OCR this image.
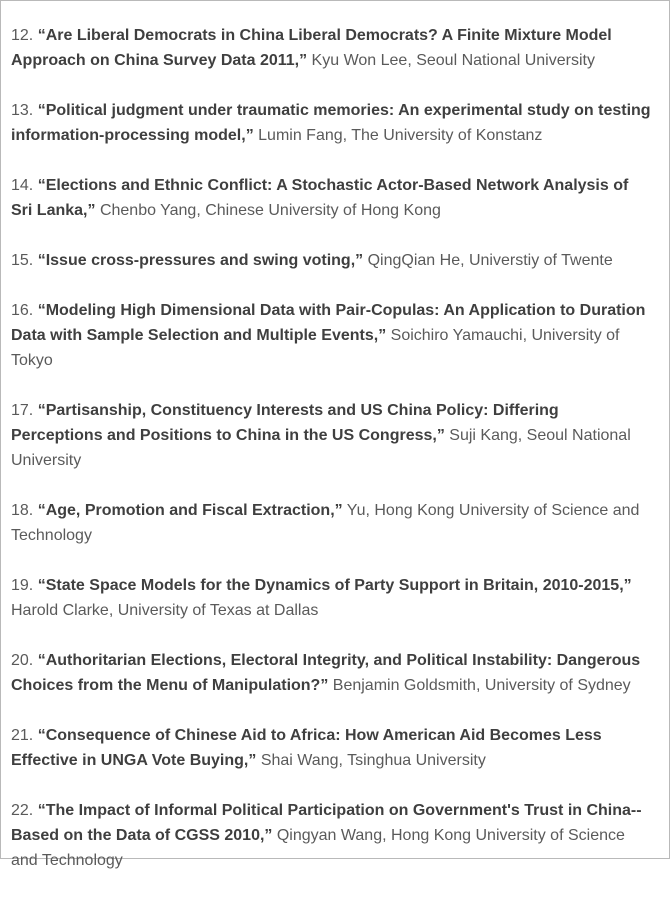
12. “Are Liberal Democrats in China Liberal Democrats? A Finite Mixture Model Approach on China Survey Data 2011,” Kyu Won Lee, Seoul National University

13. “Political judgment under traumatic memories: An experimental study on testing information-processing model,” Lumin Fang, The University of Konstanz

14. “Elections and Ethnic Conflict: A Stochastic Actor-Based Network Analysis of Sri Lanka,” Chenbo Yang, Chinese University of Hong Kong

15. “Issue cross-pressures and swing voting,” QingQian He, Universtiy of Twente

16. “Modeling High Dimensional Data with Pair-Copulas: An Application to Duration Data with Sample Selection and Multiple Events,” Soichiro Yamauchi, University of Tokyo

17. “Partisanship, Constituency Interests and US China Policy: Differing Perceptions and Positions to China in the US Congress,” Suji Kang, Seoul National University

18. “Age, Promotion and Fiscal Extraction,” Yu, Hong Kong University of Science and Technology

19. “State Space Models for the Dynamics of Party Support in Britain, 2010-2015,” Harold Clarke, University of Texas at Dallas

20. “Authoritarian Elections, Electoral Integrity, and Political Instability: Dangerous Choices from the Menu of Manipulation?” Benjamin Goldsmith, University of Sydney

21. “Consequence of Chinese Aid to Africa: How American Aid Becomes Less Effective in UNGA Vote Buying,” Shai Wang, Tsinghua University

22. “The Impact of Informal Political Participation on Government's Trust in China--Based on the Data of CGSS 2010,” Qingyan Wang, Hong Kong University of Science and Technology
